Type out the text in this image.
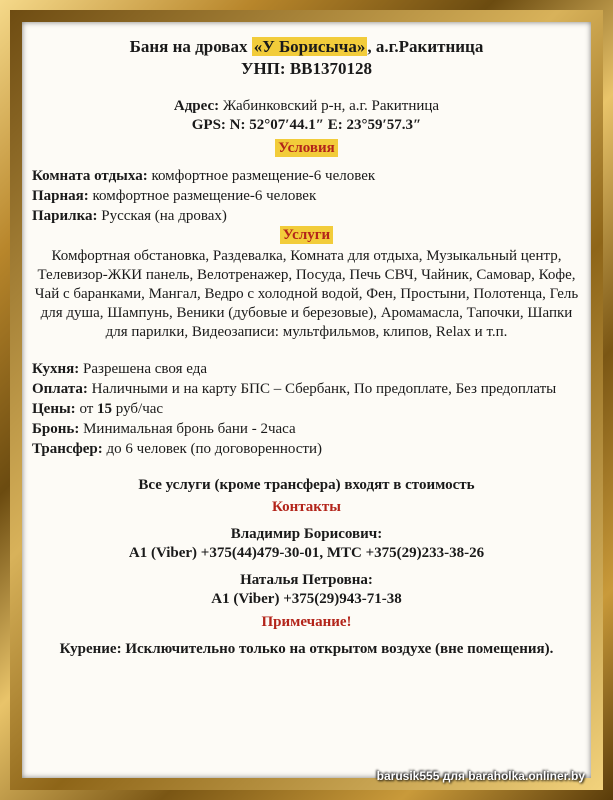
Баня на дровах «У Борисыча» , а.г.Ракитница
УНП: ВВ1370128
Адрес: Жабинковский р-н, а.г. Ракитница
GPS: N: 52°07′44.1″ E: 23°59′57.3″
Условия
Комната отдыха: комфортное размещение-6 человек
Парная: комфортное размещение-6 человек
Парилка: Русская (на дровах)
Услуги
Комфортная обстановка, Раздевалка, Комната для отдыха, Музыкальный центр, Телевизор-ЖКИ панель, Велотренажер, Посуда, Печь СВЧ, Чайник, Самовар, Кофе, Чай с баранками, Мангал, Ведро с холодной водой, Фен, Простыни, Полотенца, Гель для душа, Шампунь, Веники (дубовые и березовые), Аромамасла, Тапочки, Шапки для парилки, Видеозаписи: мультфильмов, клипов, Relax и т.п.
Кухня: Разрешена своя еда
Оплата: Наличными и на карту БПС – Сбербанк, По предоплате, Без предоплаты
Цены: от 15 руб/час
Бронь: Минимальная бронь бани - 2часа
Трансфер: до 6 человек (по договоренности)
Все услуги (кроме трансфера) входят в стоимость
Контакты
Владимир Борисович:
А1 (Viber) +375(44)479-30-01, МТС +375(29)233-38-26
Наталья Петровна:
А1 (Viber) +375(29)943-71-38
Примечание!
Курение: Исключительно только на открытом воздухе (вне помещения).
barusik555 для baraholka.onliner.by
